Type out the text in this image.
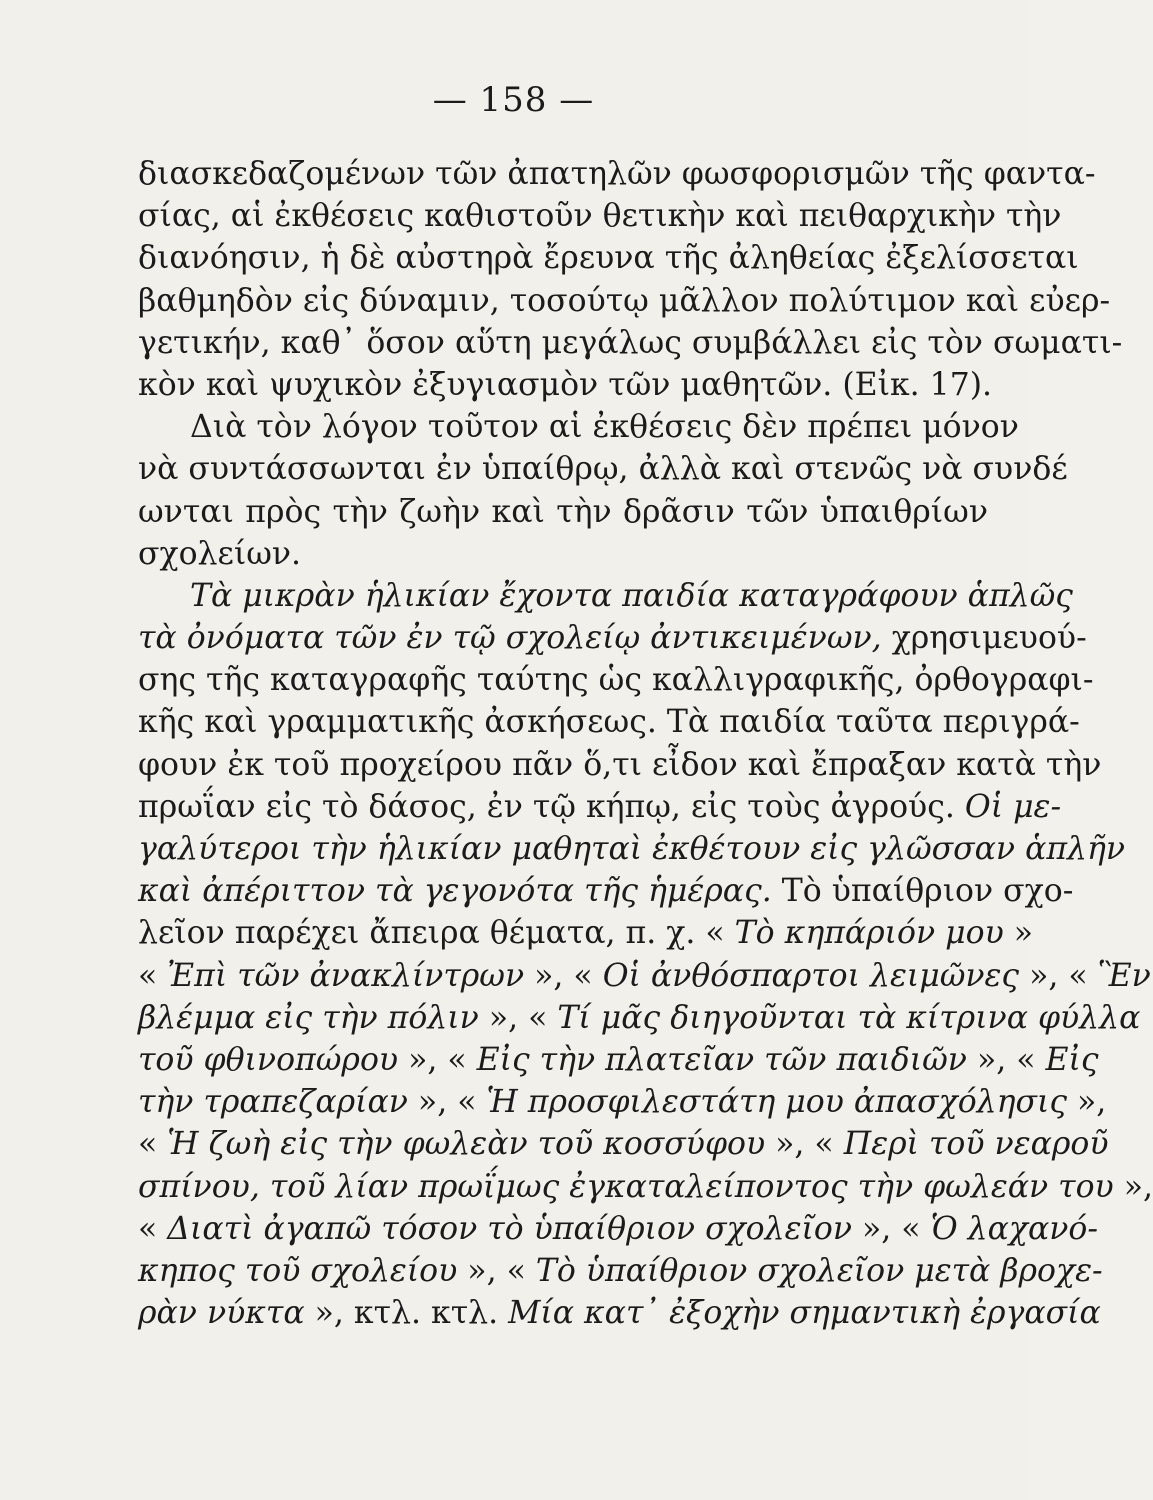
— 158 —
διασκεδαζομένων τῶν ἀπατηλῶν φωσφορισμῶν τῆς φαντα-
σίας, αἱ ἐκθέσεις καθιστοῦν θετικὴν καὶ πειθαρχικὴν τὴν
διανόησιν, ἡ δὲ αὐστηρὰ ἔρευνα τῆς ἀληθείας ἐξελίσσεται
βαθμηδὸν εἰς δύναμιν, τοσούτῳ μᾶλλον πολύτιμον καὶ εὐερ-
γετικήν, καθ᾽ ὅσον αὕτη μεγάλως συμβάλλει εἰς τὸν σωματι-
κὸν καὶ ψυχικὸν ἐξυγιασμὸν τῶν μαθητῶν. (Εἰκ. 17).
Διὰ τὸν λόγον τοῦτον αἱ ἐκθέσεις δὲν πρέπει μόνον
νὰ συντάσσωνται ἐν ὑπαίθρῳ, ἀλλὰ καὶ στενῶς νὰ συνδέ
ωνται πρὸς τὴν ζωὴν καὶ τὴν δρᾶσιν τῶν ὑπαιθρίων
σχολείων.
Τὰ μικρὰν ἡλικίαν ἔχοντα παιδία καταγράφουν ἁπλῶς
τὰ ὀνόματα τῶν ἐν τῷ σχολείῳ ἀντικειμένων, χρησιμευού-
σης τῆς καταγραφῆς ταύτης ὡς καλλιγραφικῆς, ὀρθογραφι-
κῆς καὶ γραμματικῆς ἀσκήσεως. Τὰ παιδία ταῦτα περιγρά-
φουν ἐκ τοῦ προχείρου πᾶν ὅ,τι εἶδον καὶ ἔπραξαν κατὰ τὴν
πρωΐαν εἰς τὸ δάσος, ἐν τῷ κήπῳ, εἰς τοὺς ἀγρούς. Οἱ με-
γαλύτεροι τὴν ἡλικίαν μαθηταὶ ἐκθέτουν εἰς γλῶσσαν ἁπλῆν
καὶ ἀπέριττον τὰ γεγονότα τῆς ἡμέρας. Τὸ ὑπαίθριον σχο-
λεῖον παρέχει ἄπειρα θέματα, π. χ. « Τὸ κηπάριόν μου »
« Ἐπὶ τῶν ἀνακλίντρων », « Οἱ ἀνθόσπαρτοι λειμῶνες », « Ἓν
βλέμμα εἰς τὴν πόλιν », « Τί μᾶς διηγοῦνται τὰ κίτρινα φύλλα
τοῦ φθινοπώρου », « Εἰς τὴν πλατεῖαν τῶν παιδιῶν », « Εἰς
τὴν τραπεζαρίαν », « Ἡ προσφιλεστάτη μου ἀπασχόλησις »,
« Ἡ ζωὴ εἰς τὴν φωλεὰν τοῦ κοσσύφου », « Περὶ τοῦ νεαροῦ
σπίνου, τοῦ λίαν πρωΐμως ἐγκαταλείποντος τὴν φωλεάν του »,
« Διατὶ ἀγαπῶ τόσον τὸ ὑπαίθριον σχολεῖον », « Ὁ λαχανό-
κηπος τοῦ σχολείου », « Τὸ ὑπαίθριον σχολεῖον μετὰ βροχε-
ρὰν νύκτα », κτλ. κτλ. Μία κατ᾽ ἐξοχὴν σημαντικὴ ἐργασία
